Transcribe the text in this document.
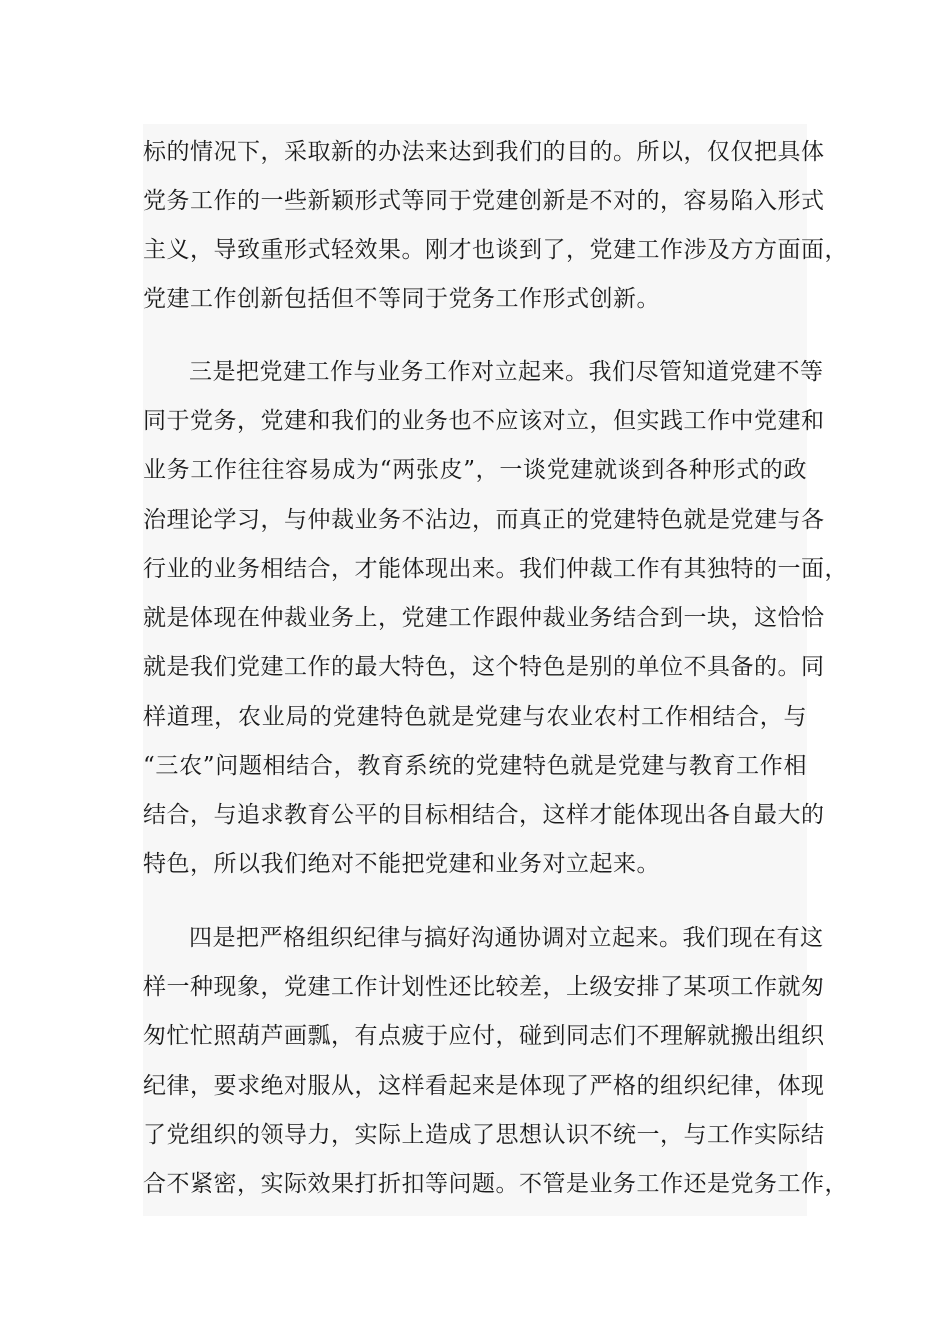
标的情况下，采取新的办法来达到我们的目的。所以，仅仅把具体
党务工作的一些新颖形式等同于党建创新是不对的，容易陷入形式
主义，导致重形式轻效果。刚才也谈到了，党建工作涉及方方面面，
党建工作创新包括但不等同于党务工作形式创新。
三是把党建工作与业务工作对立起来。我们尽管知道党建不等
同于党务，党建和我们的业务也不应该对立，但实践工作中党建和
业务工作往往容易成为“两张皮”，一谈党建就谈到各种形式的政
治理论学习，与仲裁业务不沾边，而真正的党建特色就是党建与各
行业的业务相结合，才能体现出来。我们仲裁工作有其独特的一面，
就是体现在仲裁业务上，党建工作跟仲裁业务结合到一块，这恰恰
就是我们党建工作的最大特色，这个特色是别的单位不具备的。同
样道理，农业局的党建特色就是党建与农业农村工作相结合，与
“三农”问题相结合，教育系统的党建特色就是党建与教育工作相
结合，与追求教育公平的目标相结合，这样才能体现出各自最大的
特色，所以我们绝对不能把党建和业务对立起来。
四是把严格组织纪律与搞好沟通协调对立起来。我们现在有这
样一种现象，党建工作计划性还比较差，上级安排了某项工作就匆
匆忙忙照葫芦画瓢，有点疲于应付，碰到同志们不理解就搬出组织
纪律，要求绝对服从，这样看起来是体现了严格的组织纪律，体现
了党组织的领导力，实际上造成了思想认识不统一，与工作实际结
合不紧密，实际效果打折扣等问题。不管是业务工作还是党务工作，
